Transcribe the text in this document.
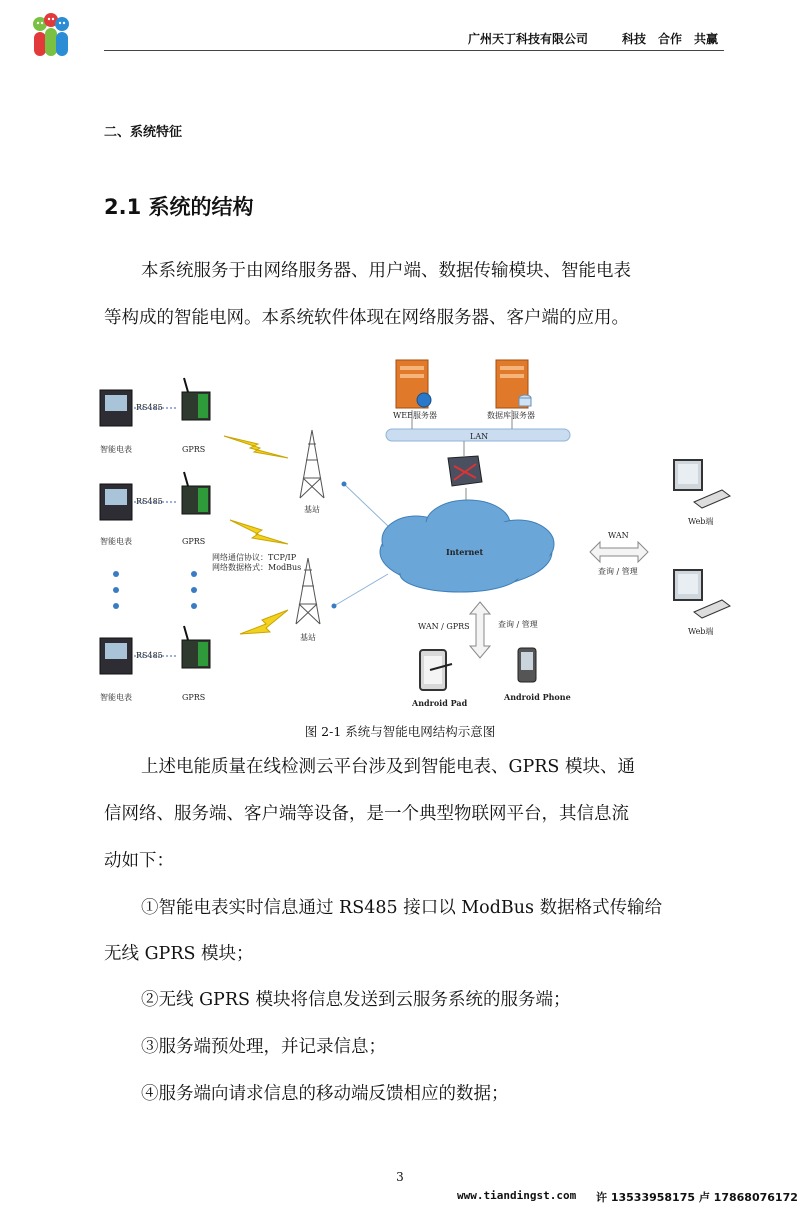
广州天丁科技有限公司	科技　合作　共赢
二、系统特征
2.1 系统的结构
本系统服务于由网络服务器、用户端、数据传输模块、智能电表
等构成的智能电网。本系统软件体现在网络服务器、客户端的应用。
LAN
WEB服务器	数据库服务器
RS485
智能电表	GPRS
RS485
智能电表	GPRS
RS485
智能电表	GPRS
基站
基站
网络通信协议：TCP/IP
网络数据格式：ModBus
Internet
WAN
查询 / 管理
WAN / GPRS	查询 / 管理
Android Pad
Android Phone
Web端
Web端
图 2-1 系统与智能电网结构示意图
上述电能质量在线检测云平台涉及到智能电表、GPRS 模块、通
信网络、服务端、客户端等设备，是一个典型物联网平台，其信息流
动如下：
①智能电表实时信息通过 RS485 接口以 ModBus 数据格式传输给
无线 GPRS 模块；
②无线 GPRS 模块将信息发送到云服务系统的服务端；
③服务端预处理，并记录信息；
④服务端向请求信息的移动端反馈相应的数据；
3
www.tiandingst.com 许 13533958175 卢 17868076172
